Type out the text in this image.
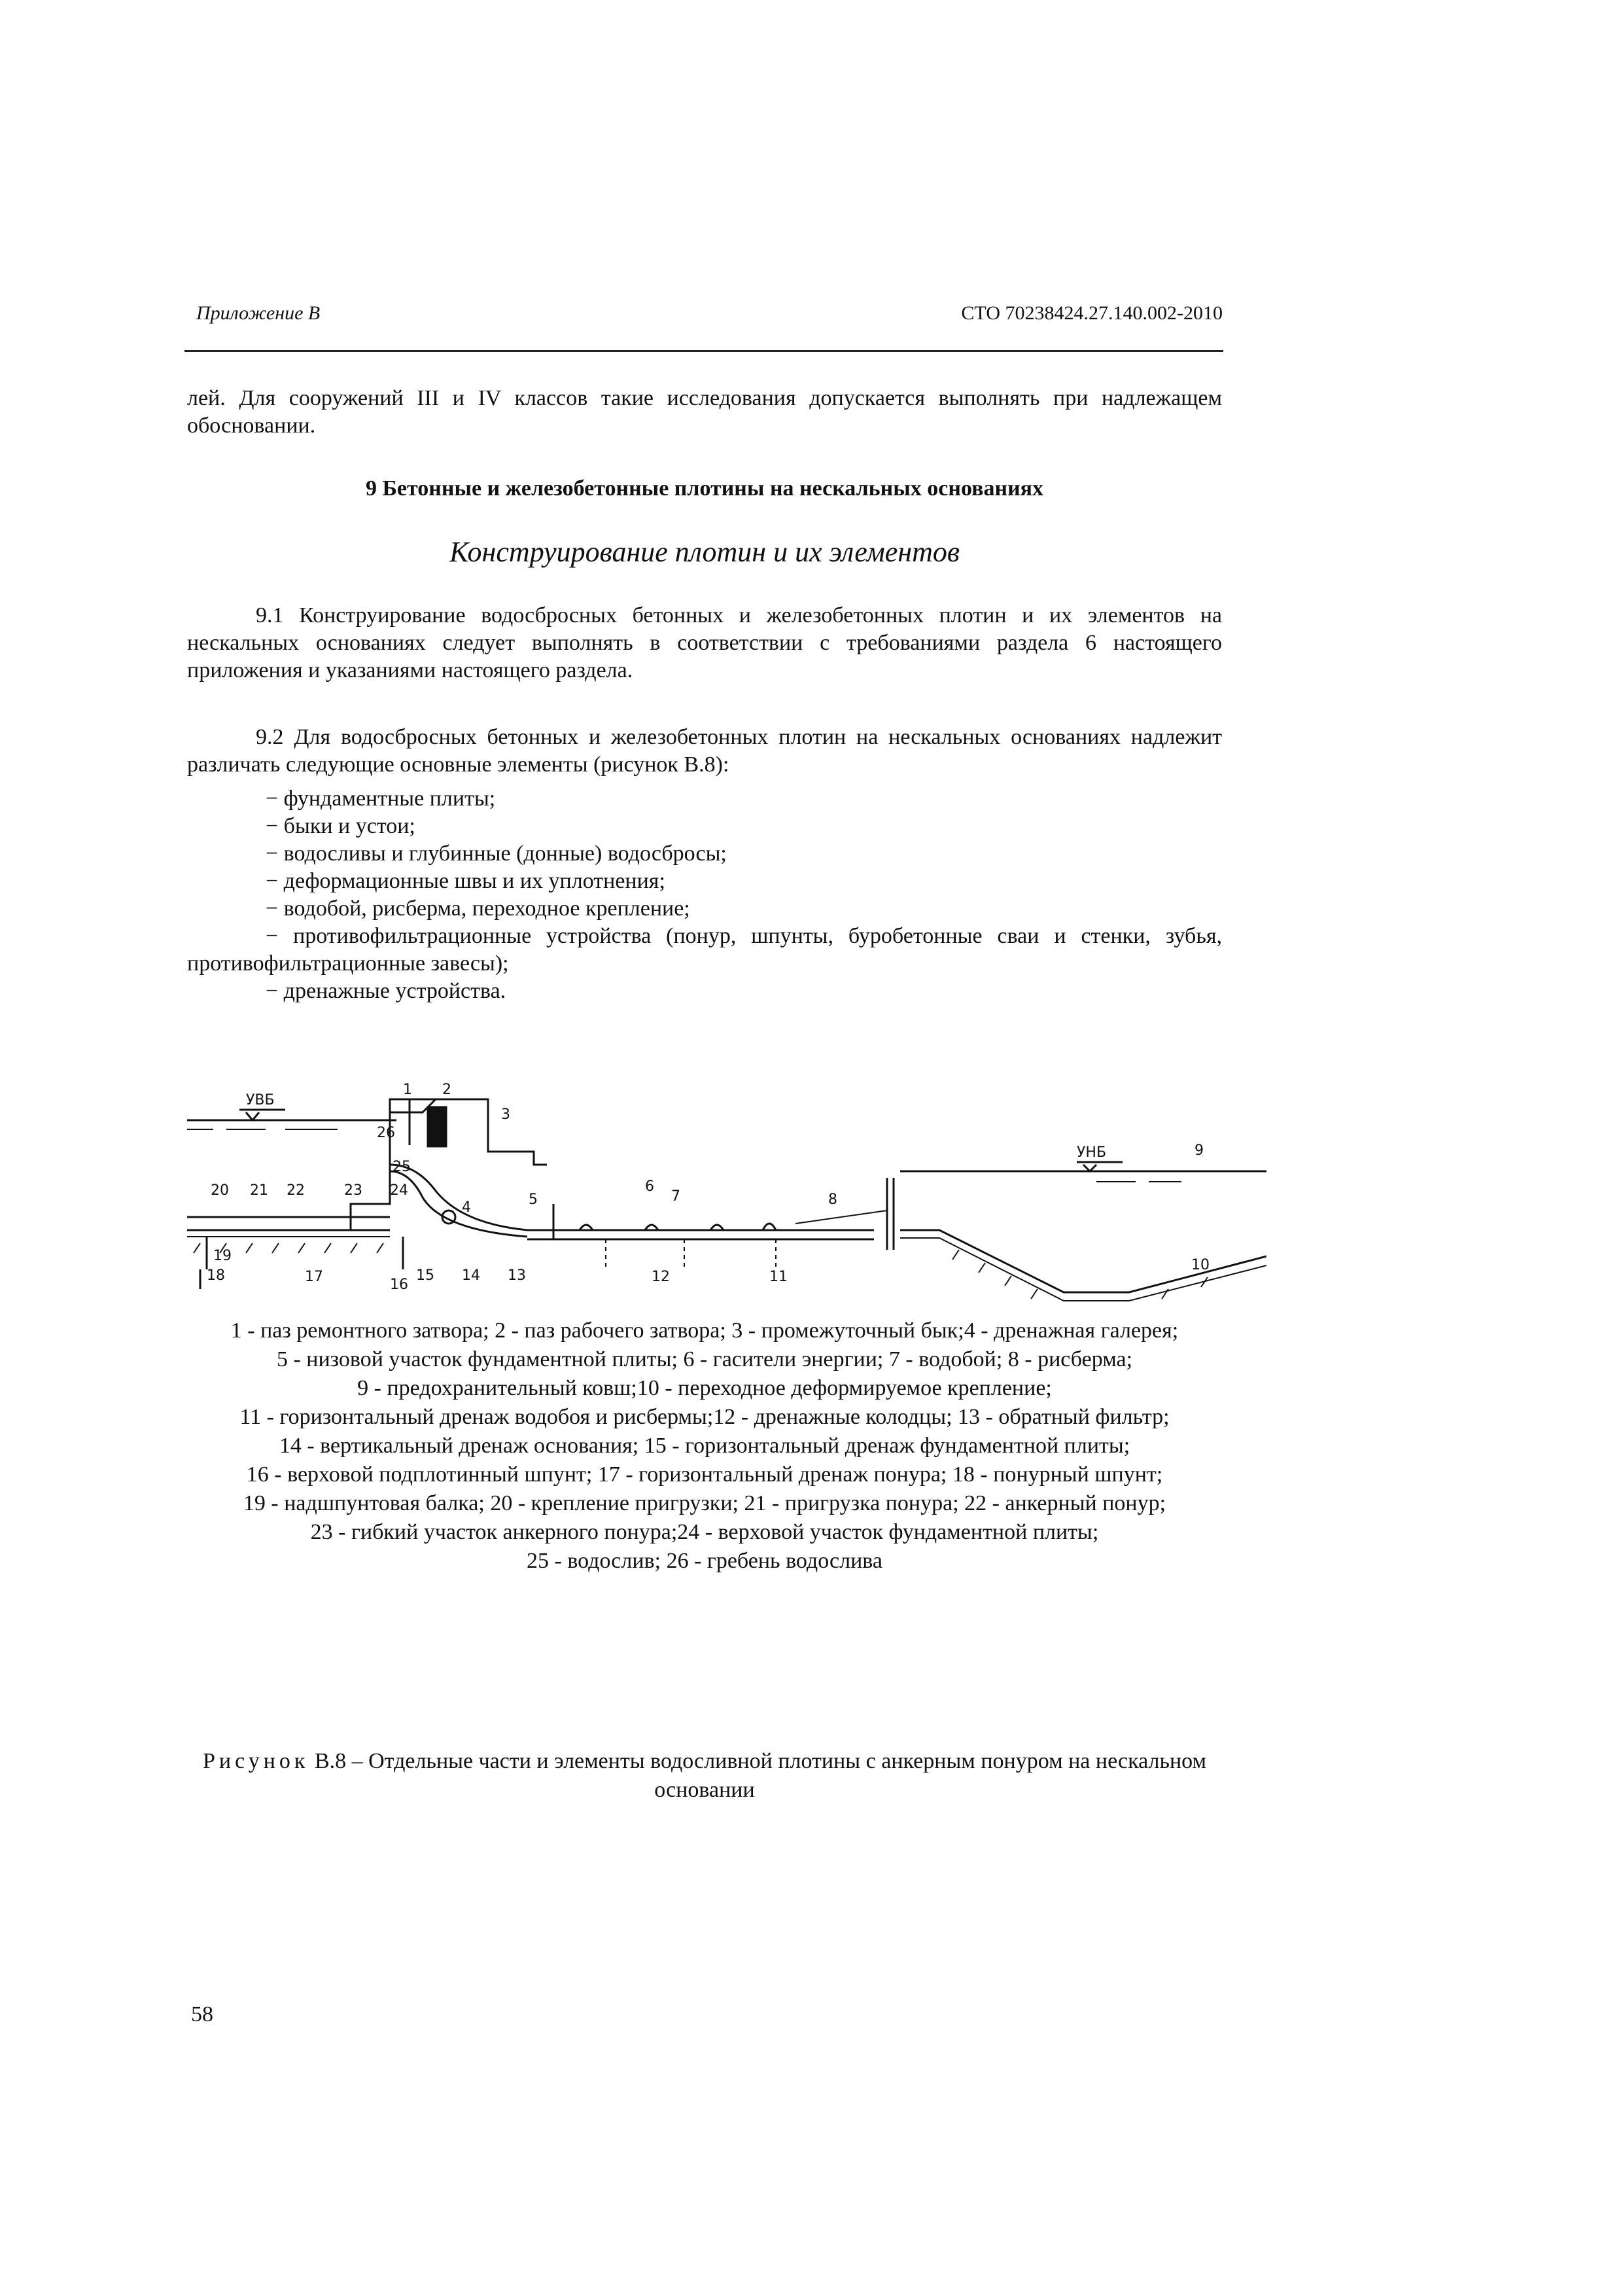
Приложение В	СТО 70238424.27.140.002-2010
лей. Для сооружений III и IV классов такие исследования допускается выполнять при надлежащем обосновании.
9 Бетонные и железобетонные плотины на нескальных основаниях
Конструирование плотин и их элементов
9.1 Конструирование водосбросных бетонных и железобетонных плотин и их элементов на нескальных основаниях следует выполнять в соответствии с требованиями раздела 6 настоящего приложения и указаниями настоящего раздела.
9.2 Для водосбросных бетонных и железобетонных плотин на нескальных основаниях надлежит различать следующие основные элементы (рисунок В.8):
− фундаментные плиты;
− быки и устои;
− водосливы и глубинные (донные) водосбросы;
− деформационные швы и их уплотнения;
− водобой, рисберма, переходное крепление;
− противофильтрационные устройства (понур, шпунты, буробетонные сваи и стенки, зубья, противофильтрационные завесы);
− дренажные устройства.
УВБ
УНБ
1 2
3
4	5
6
7	8
9
10
11
12
13
14
15
16
17
18
19
20 21 22	23 24
25
26
1 - паз ремонтного затвора; 2 - паз рабочего затвора; 3 - промежуточный бык;4 - дренажная галерея;
5 - низовой участок фундаментной плиты; 6 - гасители энергии; 7 - водобой; 8 - рисберма;
9 - предохранительный ковш;10 - переходное деформируемое крепление;
11 - горизонтальный дренаж водобоя и рисбермы;12 - дренажные колодцы; 13 - обратный фильтр;
14 - вертикальный дренаж основания; 15 - горизонтальный дренаж фундаментной плиты;
16 - верховой подплотинный шпунт; 17 - горизонтальный дренаж понура; 18 - понурный шпунт;
19 - надшпунтовая балка; 20 - крепление пригрузки; 21 - пригрузка понура; 22 - анкерный понур;
23 - гибкий участок анкерного понура;24 - верховой участок фундаментной плиты;
25 - водослив; 26 - гребень водослива
Рисунок В.8 – Отдельные части и элементы водосливной плотины с анкерным понуром на нескальном основании
58
